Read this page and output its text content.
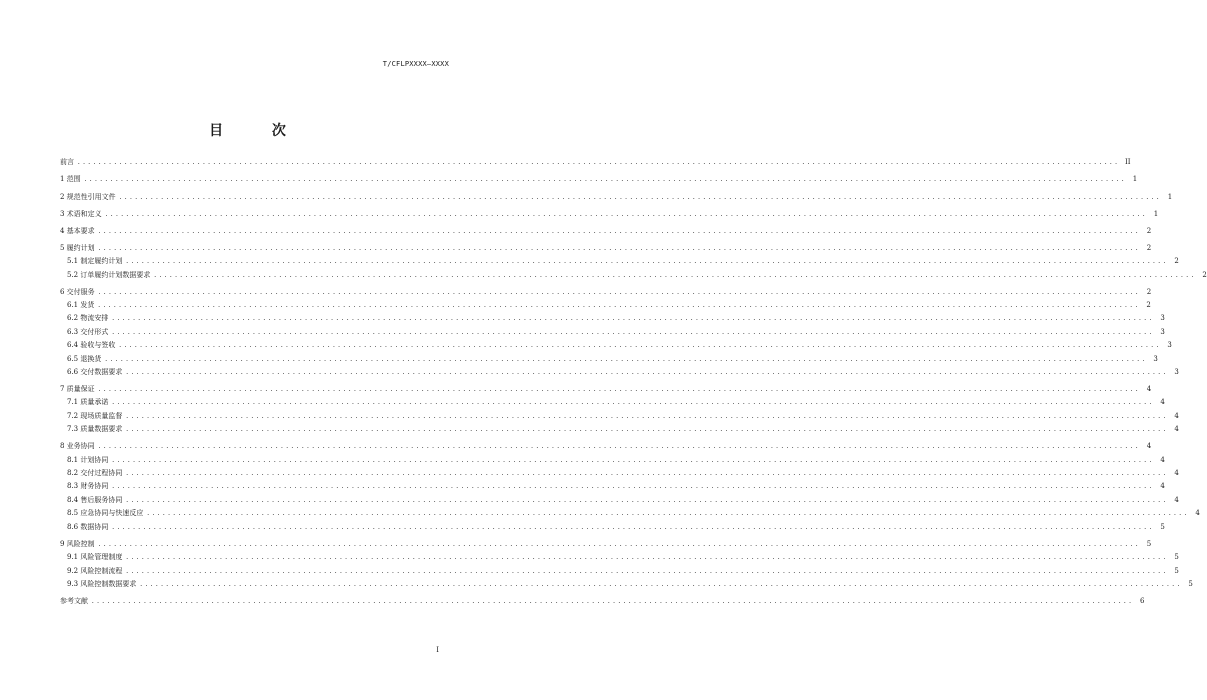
T/CFLPXXXX—XXXX
目 次
前言 ........................................................................................................................................................................................................ II
1 范围 ........................................................................................................................................................................................................ 1
2 规范性引用文件 ........................................................................................................................................................................................................ 1
3 术语和定义 ........................................................................................................................................................................................................ 1
4 基本要求 ........................................................................................................................................................................................................ 2
5 履约计划 ........................................................................................................................................................................................................ 2
5.1 制定履约计划 ........................................................................................................................................................................................................ 2
5.2 订单履约计划数据要求 ........................................................................................................................................................................................................ 2
6 交付服务 ........................................................................................................................................................................................................ 2
6.1 发货 ........................................................................................................................................................................................................ 2
6.2 物流安排 ........................................................................................................................................................................................................ 3
6.3 交付形式 ........................................................................................................................................................................................................ 3
6.4 验收与签收 ........................................................................................................................................................................................................ 3
6.5 退换货 ........................................................................................................................................................................................................ 3
6.6 交付数据要求 ........................................................................................................................................................................................................ 3
7 质量保证 ........................................................................................................................................................................................................ 4
7.1 质量承诺 ........................................................................................................................................................................................................ 4
7.2 现场质量监督 ........................................................................................................................................................................................................ 4
7.3 质量数据要求 ........................................................................................................................................................................................................ 4
8 业务协同 ........................................................................................................................................................................................................ 4
8.1 计划协同 ........................................................................................................................................................................................................ 4
8.2 交付过程协同 ........................................................................................................................................................................................................ 4
8.3 财务协同 ........................................................................................................................................................................................................ 4
8.4 售后服务协同 ........................................................................................................................................................................................................ 4
8.5 应急协同与快速反应 ........................................................................................................................................................................................................ 4
8.6 数据协同 ........................................................................................................................................................................................................ 5
9 风险控制 ........................................................................................................................................................................................................ 5
9.1 风险管理制度 ........................................................................................................................................................................................................ 5
9.2 风险控制流程 ........................................................................................................................................................................................................ 5
9.3 风险控制数据要求 ........................................................................................................................................................................................................ 5
参考文献 ........................................................................................................................................................................................................ 6
I
